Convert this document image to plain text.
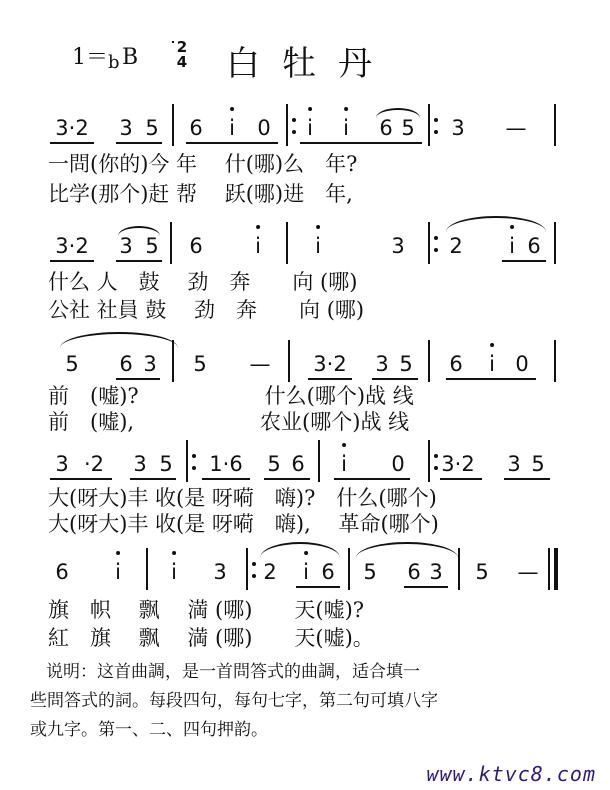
1＝ b B	2
4 白牡丹
3·2 3 5 6 i 0 i i 6 5 3 —
一問(你的)今 年　 什(哪)么　年?
比学(那个)赶 帮　 跃(哪)进　年,
3·2 3 5 6 i	i	3 2 i 6
什么 人　鼓　 劲　奔　　向 (哪)
公社 社員 鼓　 劲　奔　　向 (哪)
5 6 3 5 — 3·2 3 5 6 i 0
前　(嘘)?　　　　　　什么(哪个)战 线
前　(嘘),　　　　　　农业(哪个)战 线
3 ·2 3 5 1·6 5 6 i 0 3·2 3 5
大(呀大)丰 收(是 呀嗬　嗨)?　什么(哪个)
大(呀大)丰 收(是 呀嗬　嗨),　 革命(哪个)
6 i i 3 2 i 6 5 6 3 5 —
旗　帜　 飘　 満 (哪)　　天(嘘)?
紅　旗　 飘　 満 (哪)　　天(嘘)。
说明：这首曲調，是一首問答式的曲調，适合填一
些問答式的詞。每段四句，每句七字，第二句可填八字
或九字。第一、二、四句押韵。
www.ktvc8.com
